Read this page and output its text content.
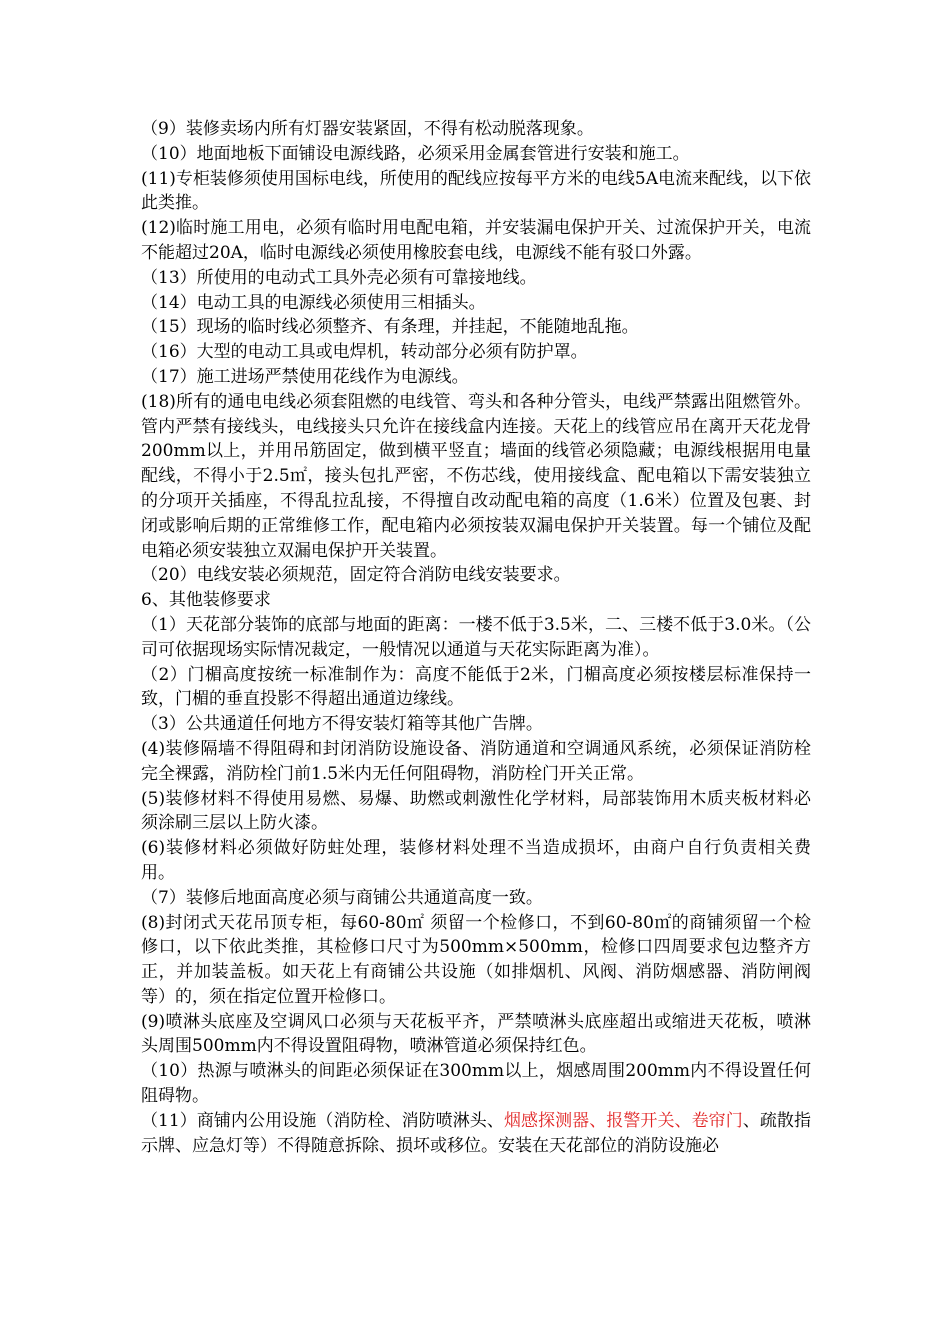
（9）装修卖场内所有灯器安装紧固，不得有松动脱落现象。

（10）地面地板下面铺设电源线路，必须采用金属套管进行安装和施工。

(11)专柜装修须使用国标电线，所使用的配线应按每平方米的电线5A电流来配线，以下依此类推。

(12)临时施工用电，必须有临时用电配电箱，并安装漏电保护开关、过流保护开关，电流不能超过20A，临时电源线必须使用橡胶套电线，电源线不能有驳口外露。

（13）所使用的电动式工具外壳必须有可靠接地线。

（14）电动工具的电源线必须使用三相插头。

（15）现场的临时线必须整齐、有条理，并挂起，不能随地乱拖。

（16）大型的电动工具或电焊机，转动部分必须有防护罩。

（17）施工进场严禁使用花线作为电源线。

(18)所有的通电电线必须套阻燃的电线管、弯头和各种分管头，电线严禁露出阻燃管外。管内严禁有接线头，电线接头只允许在接线盒内连接。天花上的线管应吊在离开天花龙骨200mm以上，并用吊筋固定，做到横平竖直；墙面的线管必须隐藏；电源线根据用电量配线，不得小于2.5㎡，接头包扎严密，不伤芯线，使用接线盒、配电箱以下需安装独立的分项开关插座，不得乱拉乱接，不得擅自改动配电箱的高度（1.6米）位置及包裹、封闭或影响后期的正常维修工作，配电箱内必须按装双漏电保护开关装置。每一个铺位及配电箱必须安装独立双漏电保护开关装置。

（20）电线安装必须规范，固定符合消防电线安装要求。

6、其他装修要求

（1）天花部分装饰的底部与地面的距离：一楼不低于3.5米，二、三楼不低于3.0米。（公司可依据现场实际情况裁定，一般情况以通道与天花实际距离为准）。

（2）门楣高度按统一标准制作为：高度不能低于2米，门楣高度必须按楼层标准保持一致，门楣的垂直投影不得超出通道边缘线。

（3）公共通道任何地方不得安装灯箱等其他广告牌。

(4)装修隔墙不得阻碍和封闭消防设施设备、消防通道和空调通风系统，必须保证消防栓完全裸露，消防栓门前1.5米内无任何阻碍物，消防栓门开关正常。

(5)装修材料不得使用易燃、易爆、助燃或刺激性化学材料，局部装饰用木质夹板材料必须涂刷三层以上防火漆。

(6)装修材料必须做好防蛀处理，装修材料处理不当造成损坏，由商户自行负责相关费用。

（7）装修后地面高度必须与商铺公共通道高度一致。

(8)封闭式天花吊顶专柜，每60-80㎡ 须留一个检修口，不到60-80㎡的商铺须留一个检修口，以下依此类推，其检修口尺寸为500mm×500mm，检修口四周要求包边整齐方正，并加装盖板。如天花上有商铺公共设施（如排烟机、风阀、消防烟感器、消防闸阀等）的，须在指定位置开检修口。

(9)喷淋头底座及空调风口必须与天花板平齐，严禁喷淋头底座超出或缩进天花板，喷淋头周围500mm内不得设置阻碍物，喷淋管道必须保持红色。

（10）热源与喷淋头的间距必须保证在300mm以上，烟感周围200mm内不得设置任何阻碍物。

（11）商铺内公用设施（消防栓、消防喷淋头、烟感探测器、报警开关、卷帘门、疏散指示牌、应急灯等）不得随意拆除、损坏或移位。安装在天花部位的消防设施必
